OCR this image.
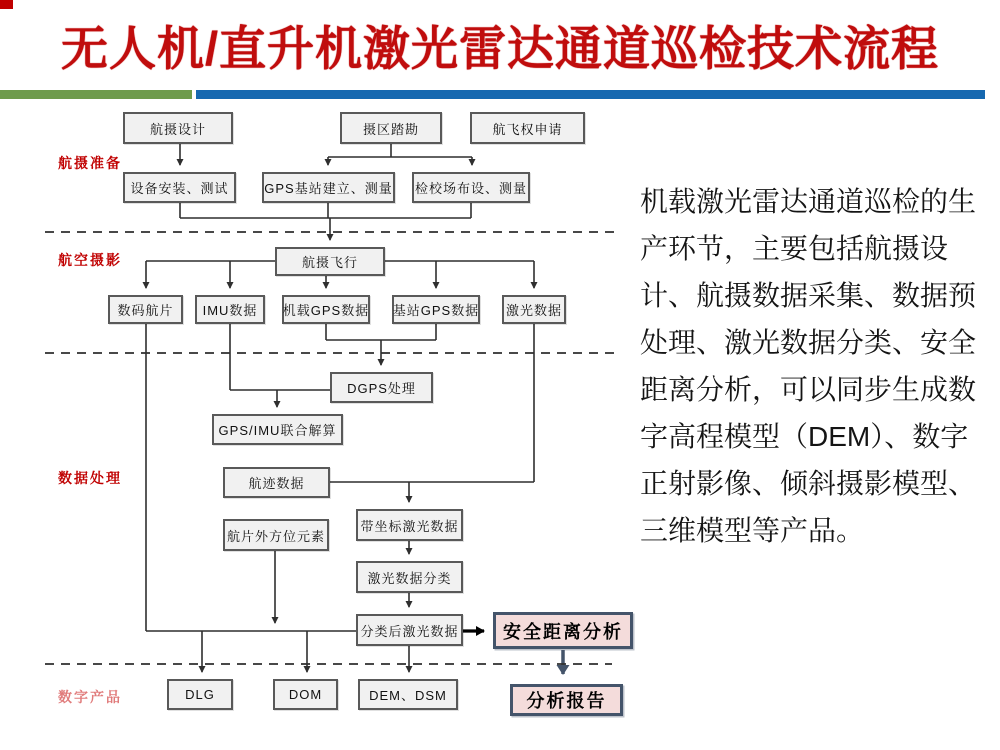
无人机/直升机激光雷达通道巡检技术流程
航摄准备
航空摄影
数据处理
数字产品
航摄设计	摄区踏勘	航飞权申请
设备安装、测试	GPS基站建立、测量 检校场布设、测量
航摄飞行
数码航片	IMU数据	机载GPS数据 基站GPS数据	激光数据
DGPS处理
GPS/IMU联合解算
航迹数据
航片外方位元素
带坐标激光数据
激光数据分类
分类后激光数据
DLG	DOM	DEM、DSM
安全距离分析
分析报告
机载激光雷达通道巡检的生产环节，主要包括航摄设计、航摄数据采集、数据预处理、激光数据分类、安全距离分析，可以同步生成数字高程模型（DEM）、数字正射影像、倾斜摄影模型、三维模型等产品。
